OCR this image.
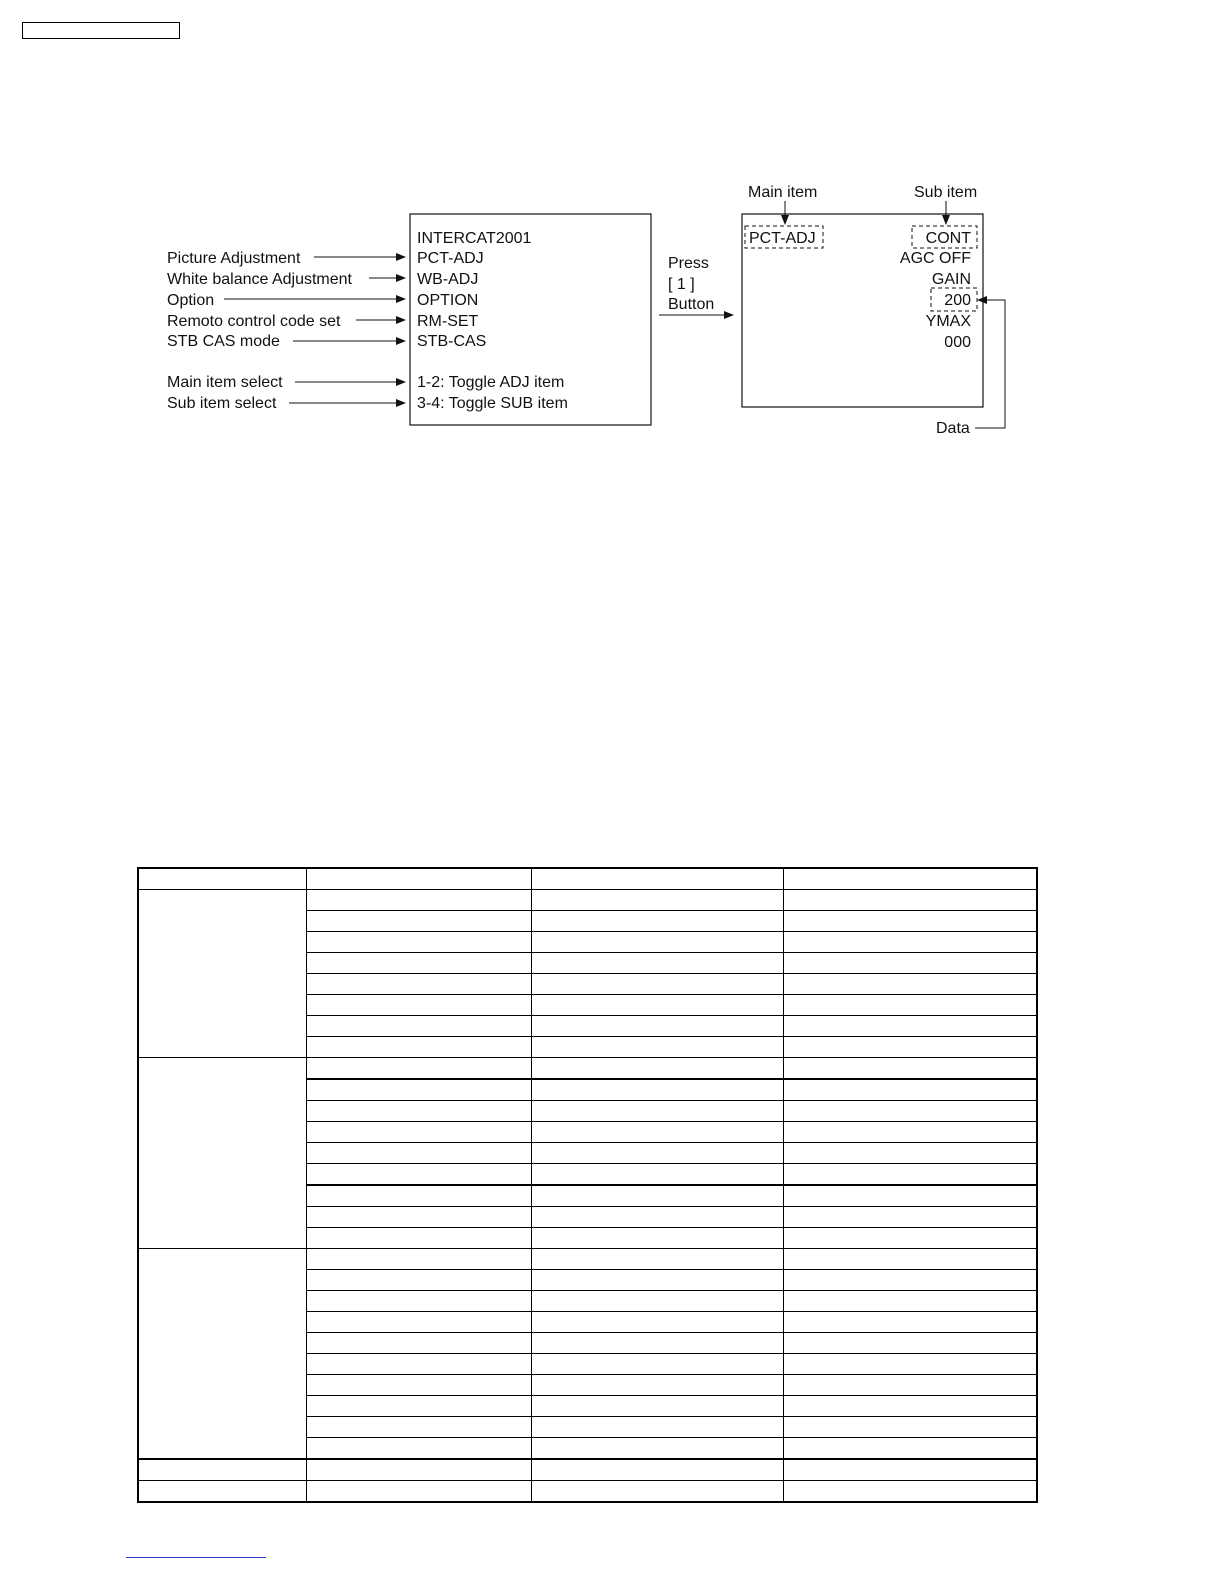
Picture Adjustment
White balance Adjustment
Option
Remoto control code set
STB CAS mode
Main item select
Sub item select
INTERCAT2001
PCT-ADJ
WB-ADJ
OPTION
RM-SET
STB-CAS
1-2: Toggle ADJ item
3-4: Toggle SUB item
Press
[ 1 ]
Button
Main item	Sub item
PCT-ADJ	CONT
AGC OFF
GAIN
200
YMAX
000
Data
